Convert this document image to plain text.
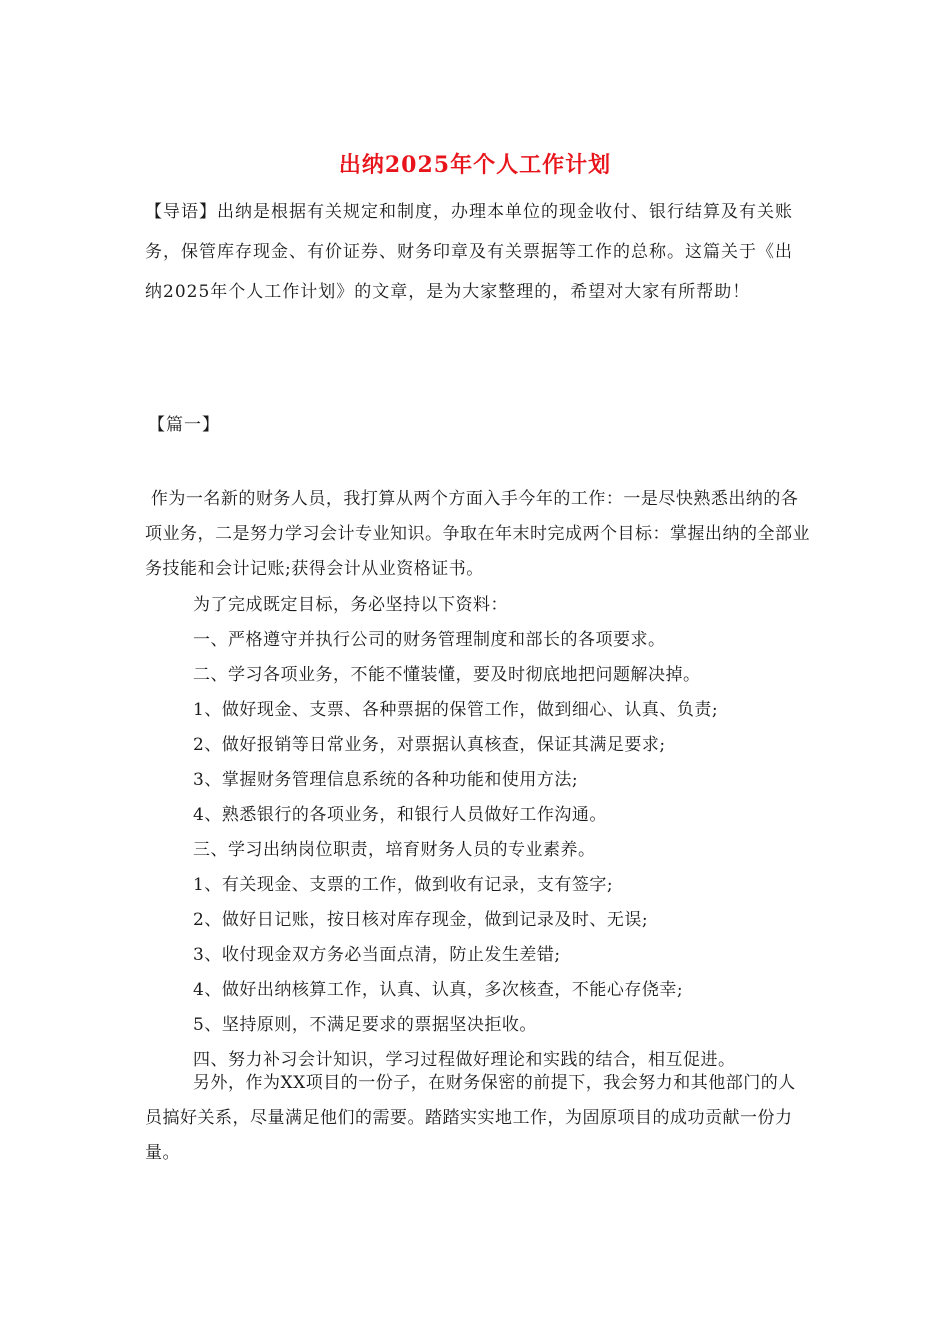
出纳2025年个人工作计划
【导语】出纳是根据有关规定和制度，办理本单位的现金收付、银行结算及有关账务，保管库存现金、有价证券、财务印章及有关票据等工作的总称。这篇关于《出纳2025年个人工作计划》的文章，是为大家整理的，希望对大家有所帮助！
【篇一】
作为一名新的财务人员，我打算从两个方面入手今年的工作：一是尽快熟悉出纳的各项业务，二是努力学习会计专业知识。争取在年末时完成两个目标：掌握出纳的全部业务技能和会计记账;获得会计从业资格证书。
为了完成既定目标，务必坚持以下资料：
一、严格遵守并执行公司的财务管理制度和部长的各项要求。
二、学习各项业务，不能不懂装懂，要及时彻底地把问题解决掉。
1、做好现金、支票、各种票据的保管工作，做到细心、认真、负责;
2、做好报销等日常业务，对票据认真核查，保证其满足要求;
3、掌握财务管理信息系统的各种功能和使用方法;
4、熟悉银行的各项业务，和银行人员做好工作沟通。
三、学习出纳岗位职责，培育财务人员的专业素养。
1、有关现金、支票的工作，做到收有记录，支有签字;
2、做好日记账，按日核对库存现金，做到记录及时、无误;
3、收付现金双方务必当面点清，防止发生差错;
4、做好出纳核算工作，认真、认真，多次核查，不能心存侥幸;
5、坚持原则，不满足要求的票据坚决拒收。
四、努力补习会计知识，学习过程做好理论和实践的结合，相互促进。
另外，作为XX项目的一份子，在财务保密的前提下，我会努力和其他部门的人员搞好关系，尽量满足他们的需要。踏踏实实地工作，为固原项目的成功贡献一份力量。
